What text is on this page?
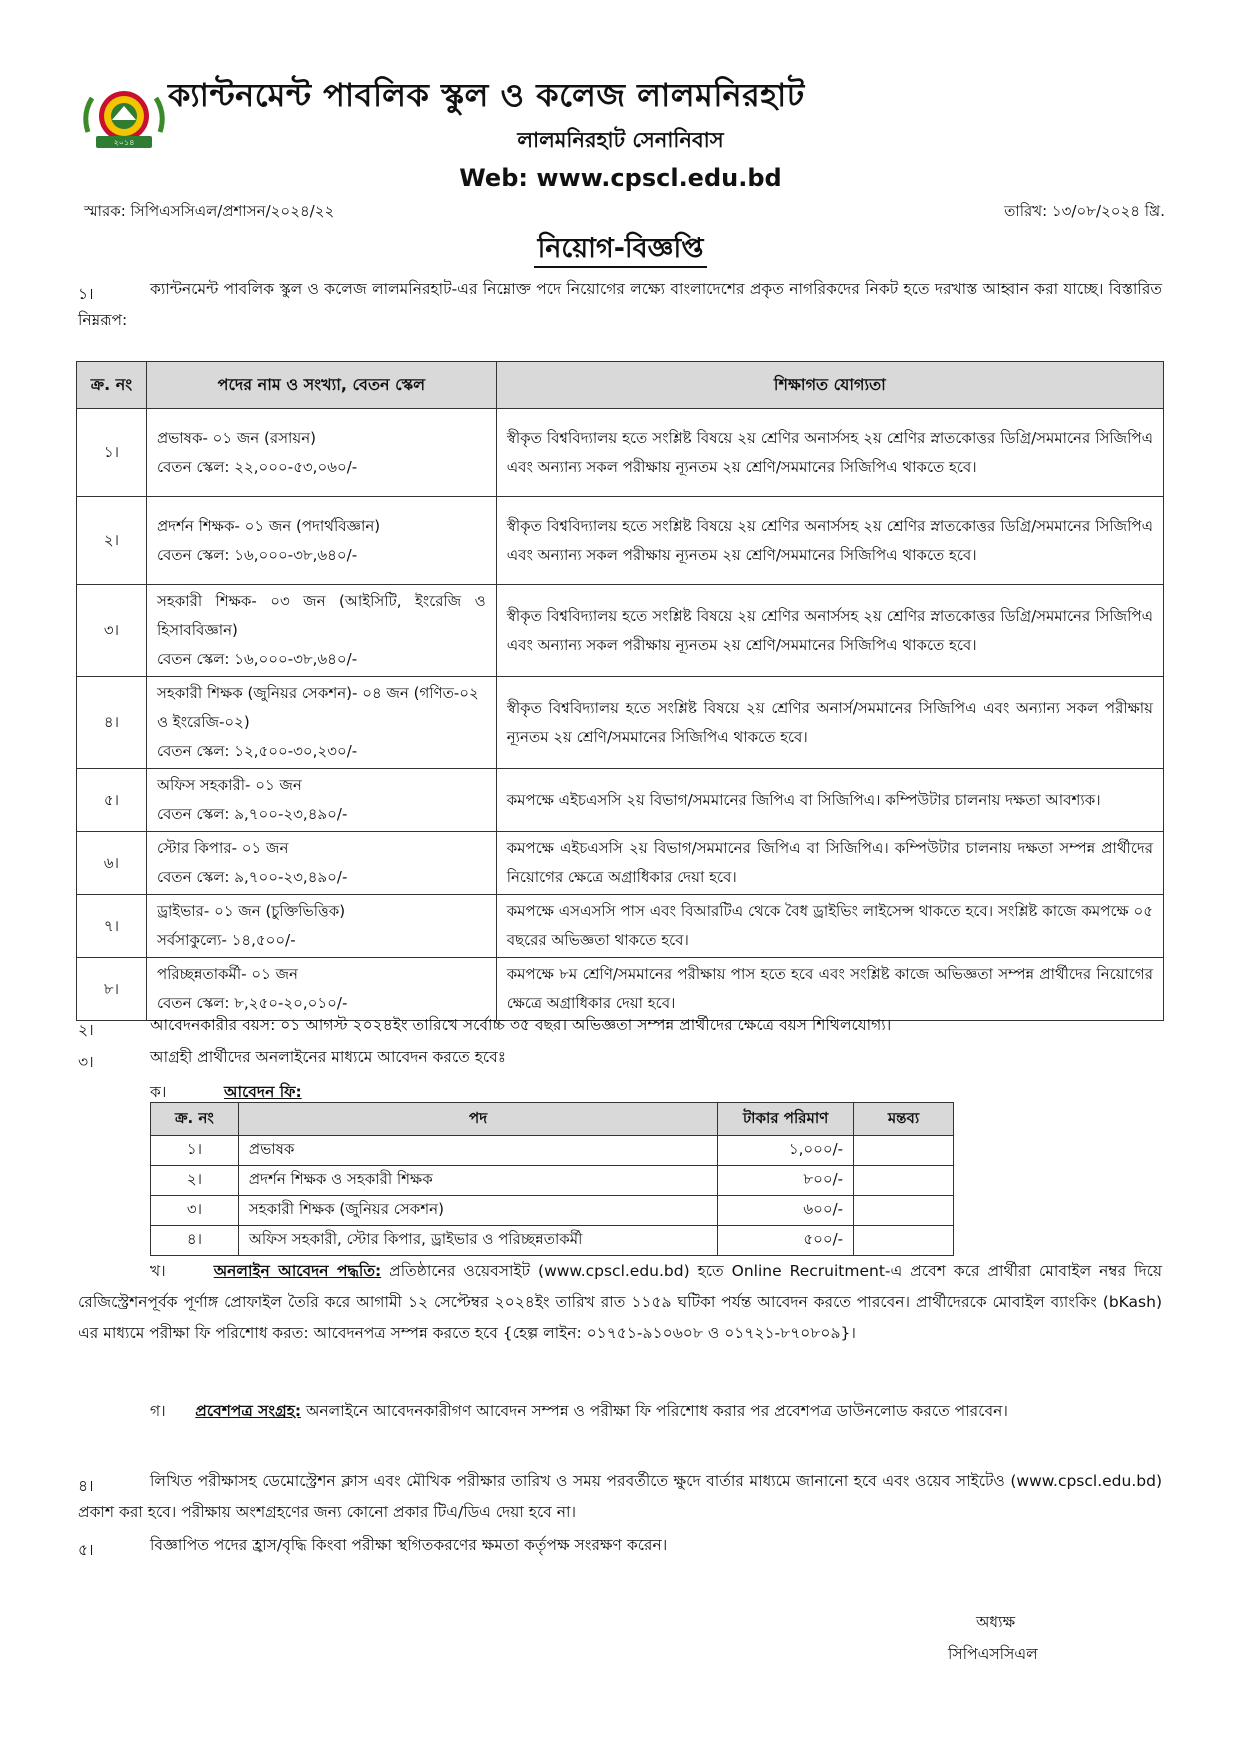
২০১৪
ক্যান্টনমেন্ট পাবলিক স্কুল ও কলেজ লালমনিরহাট
লালমনিরহাট সেনানিবাস
Web: www.cpscl.edu.bd
স্মারক: সিপিএসসিএল/প্রশাসন/২০২৪/২২	তারিখ: ১৩/০৮/২০২৪ খ্রি.
নিয়োগ-বিজ্ঞপ্তি
১।	ক্যান্টনমেন্ট পাবলিক স্কুল ও কলেজ লালমনিরহাট-এর নিম্নোক্ত পদে নিয়োগের লক্ষ্যে বাংলাদেশের প্রকৃত নাগরিকদের নিকট হতে দরখাস্ত আহ্বান করা যাচ্ছে। বিস্তারিত নিম্নরূপ:
ক্র. নং	পদের নাম ও সংখ্যা, বেতন স্কেল	শিক্ষাগত যোগ্যতা
১।	প্রভাষক- ০১ জন (রসায়ন)
বেতন স্কেল: ২২,০০০-৫৩,০৬০/-	স্বীকৃত বিশ্ববিদ্যালয় হতে সংশ্লিষ্ট বিষয়ে ২য় শ্রেণির অনার্সসহ ২য় শ্রেণির স্নাতকোত্তর ডিগ্রি/সমমানের সিজিপিএ এবং অন্যান্য সকল পরীক্ষায় ন্যূনতম ২য় শ্রেণি/সমমানের সিজিপিএ থাকতে হবে।
২।	প্রদর্শন শিক্ষক- ০১ জন (পদার্থবিজ্ঞান)
বেতন স্কেল: ১৬,০০০-৩৮,৬৪০/-	স্বীকৃত বিশ্ববিদ্যালয় হতে সংশ্লিষ্ট বিষয়ে ২য় শ্রেণির অনার্সসহ ২য় শ্রেণির স্নাতকোত্তর ডিগ্রি/সমমানের সিজিপিএ এবং অন্যান্য সকল পরীক্ষায় ন্যূনতম ২য় শ্রেণি/সমমানের সিজিপিএ থাকতে হবে।
৩।	সহকারী শিক্ষক- ০৩ জন (আইসিটি, ইংরেজি ও হিসাববিজ্ঞান)
বেতন স্কেল: ১৬,০০০-৩৮,৬৪০/-	স্বীকৃত বিশ্ববিদ্যালয় হতে সংশ্লিষ্ট বিষয়ে ২য় শ্রেণির অনার্সসহ ২য় শ্রেণির স্নাতকোত্তর ডিগ্রি/সমমানের সিজিপিএ এবং অন্যান্য সকল পরীক্ষায় ন্যূনতম ২য় শ্রেণি/সমমানের সিজিপিএ থাকতে হবে।
৪।	সহকারী শিক্ষক (জুনিয়র সেকশন)- ০৪ জন (গণিত-০২ ও ইংরেজি-০২)
বেতন স্কেল: ১২,৫০০-৩০,২৩০/-	স্বীকৃত বিশ্ববিদ্যালয় হতে সংশ্লিষ্ট বিষয়ে ২য় শ্রেণির অনার্স/সমমানের সিজিপিএ এবং অন্যান্য সকল পরীক্ষায় ন্যূনতম ২য় শ্রেণি/সমমানের সিজিপিএ থাকতে হবে।
৫।	অফিস সহকারী- ০১ জন
বেতন স্কেল: ৯,৭০০-২৩,৪৯০/-	কমপক্ষে এইচএসসি ২য় বিভাগ/সমমানের জিপিএ বা সিজিপিএ। কম্পিউটার চালনায় দক্ষতা আবশ্যক।
৬।	স্টোর কিপার- ০১ জন
বেতন স্কেল: ৯,৭০০-২৩,৪৯০/-	কমপক্ষে এইচএসসি ২য় বিভাগ/সমমানের জিপিএ বা সিজিপিএ। কম্পিউটার চালনায় দক্ষতা সম্পন্ন প্রার্থীদের নিয়োগের ক্ষেত্রে অগ্রাধিকার দেয়া হবে।
৭।	ড্রাইভার- ০১ জন (চুক্তিভিত্তিক)
সর্বসাকুল্যে- ১৪,৫০০/-	কমপক্ষে এসএসসি পাস এবং বিআরটিএ থেকে বৈধ ড্রাইভিং লাইসেন্স থাকতে হবে। সংশ্লিষ্ট কাজে কমপক্ষে ০৫ বছরের অভিজ্ঞতা থাকতে হবে।
৮।	পরিচ্ছন্নতাকর্মী- ০১ জন
বেতন স্কেল: ৮,২৫০-২০,০১০/-	কমপক্ষে ৮ম শ্রেণি/সমমানের পরীক্ষায় পাস হতে হবে এবং সংশ্লিষ্ট কাজে অভিজ্ঞতা সম্পন্ন প্রার্থীদের নিয়োগের ক্ষেত্রে অগ্রাধিকার দেয়া হবে।
২।	আবেদনকারীর বয়স: ০১ আগস্ট ২০২৪ইং তারিখে সর্বোচ্চ ৩৫ বছর। অভিজ্ঞতা সম্পন্ন প্রার্থীদের ক্ষেত্রে বয়স শিথিলযোগ্য।
৩।	আগ্রহী প্রার্থীদের অনলাইনের মাধ্যমে আবেদন করতে হবেঃ
ক।	আবেদন ফি:
ক্র. নং	পদ	টাকার পরিমাণ	মন্তব্য
১।	প্রভাষক	১,০০০/-	
২।	প্রদর্শন শিক্ষক ও সহকারী শিক্ষক	৮০০/-	
৩।	সহকারী শিক্ষক (জুনিয়র সেকশন)	৬০০/-	
৪।	অফিস সহকারী, স্টোর কিপার, ড্রাইভার ও পরিচ্ছন্নতাকর্মী	৫০০/-	
খ।	অনলাইন আবেদন পদ্ধতি: প্রতিষ্ঠানের ওয়েবসাইট (www.cpscl.edu.bd) হতে Online Recruitment-এ প্রবেশ করে প্রার্থীরা মোবাইল নম্বর দিয়ে রেজিস্ট্রেশনপূর্বক পূর্ণাঙ্গ প্রোফাইল তৈরি করে আগামী ১২ সেপ্টেম্বর ২০২৪ইং তারিখ রাত ১১৫৯ ঘটিকা পর্যন্ত আবেদন করতে পারবেন। প্রার্থীদেরকে মোবাইল ব্যাংকিং (bKash) এর মাধ্যমে পরীক্ষা ফি পরিশোধ করত: আবেদনপত্র সম্পন্ন করতে হবে {হেল্প লাইন: ০১৭৫১-৯১০৬০৮ ও ০১৭২১-৮৭০৮০৯}।
গ। প্রবেশপত্র সংগ্রহ: অনলাইনে আবেদনকারীগণ আবেদন সম্পন্ন ও পরীক্ষা ফি পরিশোধ করার পর প্রবেশপত্র ডাউনলোড করতে পারবেন।
৪।	লিখিত পরীক্ষাসহ ডেমোস্ট্রেশন ক্লাস এবং মৌখিক পরীক্ষার তারিখ ও সময় পরবর্তীতে ক্ষুদে বার্তার মাধ্যমে জানানো হবে এবং ওয়েব সাইটেও (www.cpscl.edu.bd) প্রকাশ করা হবে। পরীক্ষায় অংশগ্রহণের জন্য কোনো প্রকার টিএ/ডিএ দেয়া হবে না।
৫।	বিজ্ঞাপিত পদের হ্রাস/বৃদ্ধি কিংবা পরীক্ষা স্থগিতকরণের ক্ষমতা কর্তৃপক্ষ সংরক্ষণ করেন।
অধ্যক্ষ
সিপিএসসিএল
